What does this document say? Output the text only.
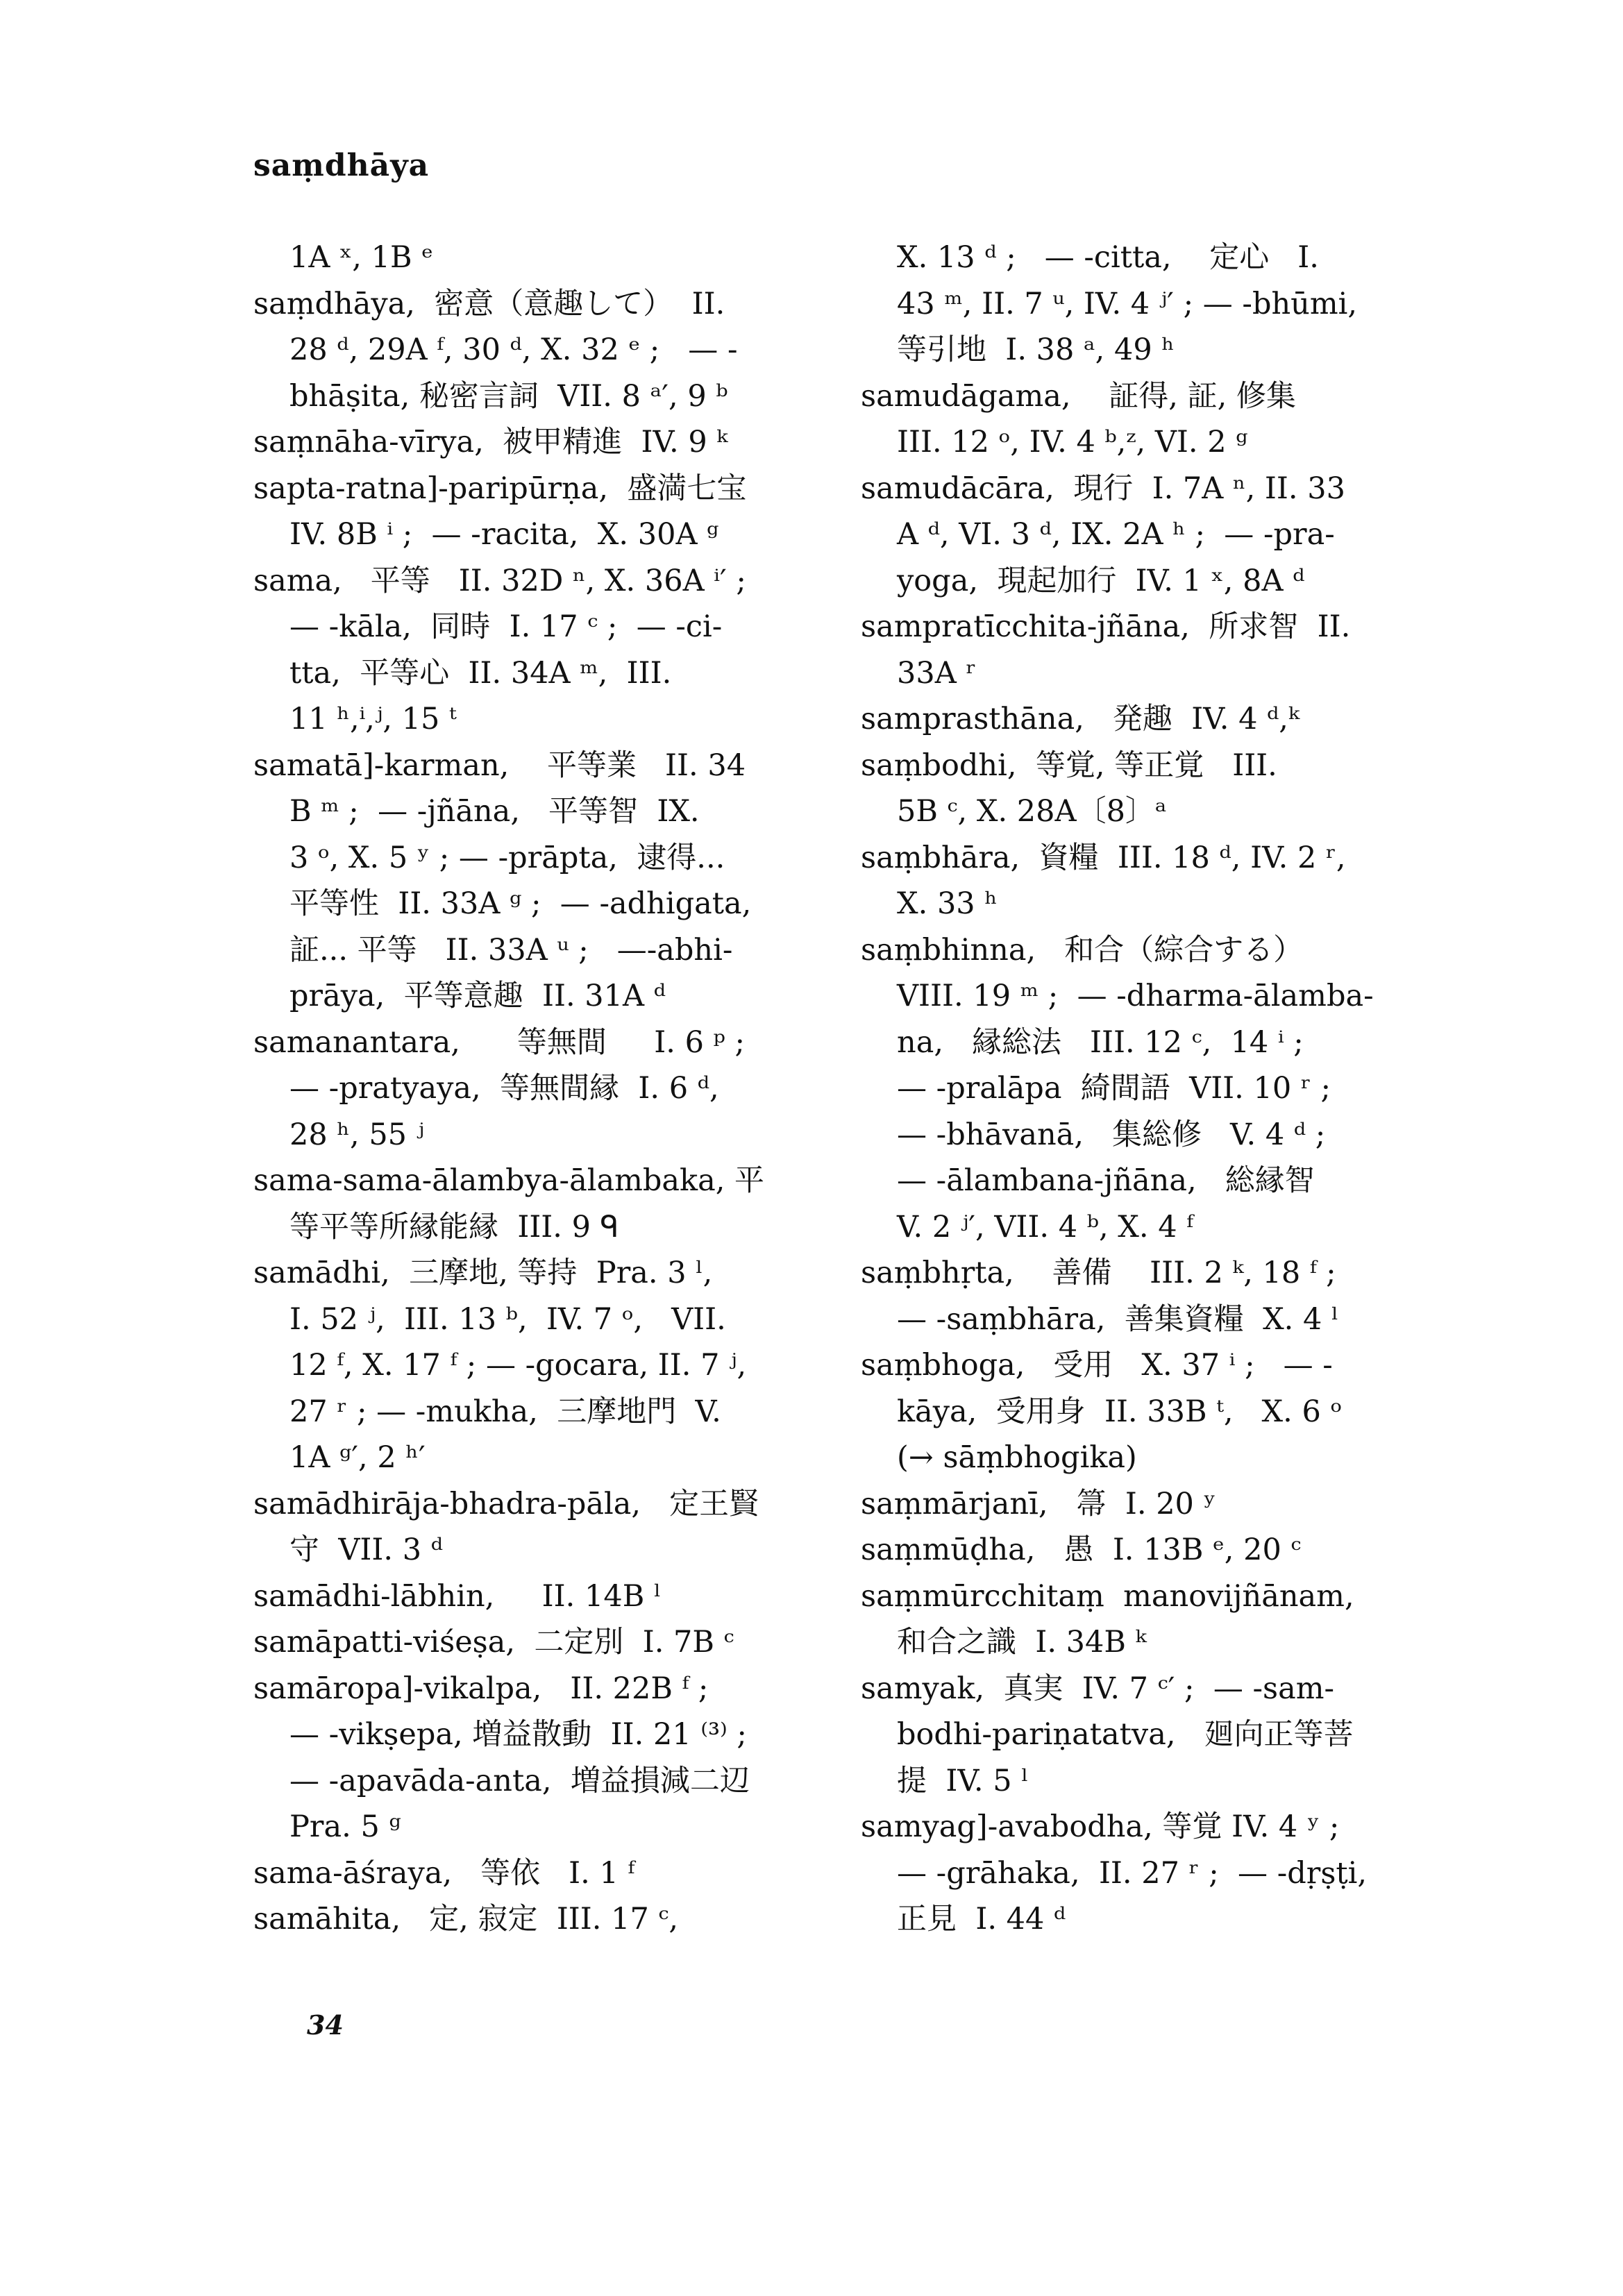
saṃdhāya
1A ˣ, 1B ᵉ
saṃdhāya,  密意（意趣して）  II.
28 ᵈ, 29A ᶠ, 30 ᵈ, X. 32 ᵉ ;   — -
bhāṣita, 秘密言詞  VII. 8 ᵃ′, 9 ᵇ
saṃnāha-vīrya,  被甲精進  IV. 9 ᵏ
sapta-ratna]-paripūrṇa,  盛満七宝
IV. 8B ⁱ ;  — -racita,  X. 30A ᵍ
sama,   平等   II. 32D ⁿ, X. 36A ⁱ′ ;
— -kāla,  同時  I. 17 ᶜ ;  — -ci-
tta,  平等心  II. 34A ᵐ,  III.
11 ʰ,ⁱ,ʲ, 15 ᵗ
samatā]-karman,    平等業   II. 34
B ᵐ ;  — -jñāna,   平等智  IX.
3 ᵒ, X. 5 ʸ ; — -prāpta,  逮得...
平等性  II. 33A ᵍ ;  — -adhigata,
証... 平等   II. 33A ᵘ ;   —-abhi-
prāya,  平等意趣  II. 31A ᵈ
samanantara,      等無間     I. 6 ᵖ ;
— -pratyaya,  等無間縁  I. 6 ᵈ,
28 ʰ, 55 ʲ
sama-sama-ālambya-ālambaka, 平
等平等所縁能縁  III. 9 ᑫ
samādhi,  三摩地, 等持  Pra. 3 ˡ,
I. 52 ʲ,  III. 13 ᵇ,  IV. 7 ᵒ,   VII.
12 ᶠ, X. 17 ᶠ ; — -gocara, II. 7 ʲ,
27 ʳ ; — -mukha,  三摩地門  V.
1A ᵍ′, 2 ʰ′
samādhirāja-bhadra-pāla,   定王賢
守  VII. 3 ᵈ
samādhi-lābhin,     II. 14B ˡ
samāpatti-viśeṣa,  二定別  I. 7B ᶜ
samāropa]-vikalpa,   II. 22B ᶠ ;
— -vikṣepa, 増益散動  II. 21 ⁽³⁾ ;
— -apavāda-anta,  増益損減二辺
Pra. 5 ᵍ
sama-āśraya,   等依   I. 1 ᶠ
samāhita,   定, 寂定  III. 17 ᶜ,
X. 13 ᵈ ;   — -citta,    定心   I.
43 ᵐ, II. 7 ᵘ, IV. 4 ʲ′ ; — -bhūmi,
等引地  I. 38 ᵃ, 49 ʰ
samudāgama,    証得, 証, 修集
III. 12 ᵒ, IV. 4 ᵇ,ᶻ, VI. 2 ᵍ
samudācāra,  現行  I. 7A ⁿ, II. 33
A ᵈ, VI. 3 ᵈ, IX. 2A ʰ ;  — -pra-
yoga,  現起加行  IV. 1 ˣ, 8A ᵈ
sampratīcchita-jñāna,  所求智  II.
33A ʳ
samprasthāna,   発趣  IV. 4 ᵈ,ᵏ
saṃbodhi,  等覚, 等正覚   III.
5B ᶜ, X. 28A〔8〕ᵃ
saṃbhāra,  資糧  III. 18 ᵈ, IV. 2 ʳ,
X. 33 ʰ
saṃbhinna,   和合（綜合する）
VIII. 19 ᵐ ;  — -dharma-ālamba-
na,   縁総法   III. 12 ᶜ,  14 ⁱ ;
— -pralāpa  綺間語  VII. 10 ʳ ;
— -bhāvanā,   集総修   V. 4 ᵈ ;
— -ālambana-jñāna,   総縁智
V. 2 ʲ′, VII. 4 ᵇ, X. 4 ᶠ
saṃbhṛta,    善備    III. 2 ᵏ, 18 ᶠ ;
— -saṃbhāra,  善集資糧  X. 4 ˡ
saṃbhoga,   受用   X. 37 ⁱ ;   — -
kāya,  受用身  II. 33B ᵗ,   X. 6 ᵒ
(→ sāṃbhogika)
saṃmārjanī,   箒  I. 20 ʸ
saṃmūḍha,   愚  I. 13B ᵉ, 20 ᶜ
saṃmūrcchitaṃ  manovijñānam,
和合之識  I. 34B ᵏ
samyak,  真実  IV. 7 ᶜ′ ;  — -sam-
bodhi-pariṇatatva,   廻向正等菩
提  IV. 5 ˡ
samyag]-avabodha, 等覚 IV. 4 ʸ ;
— -grāhaka,  II. 27 ʳ ;  — -dṛṣṭi,
正見  I. 44 ᵈ
34
